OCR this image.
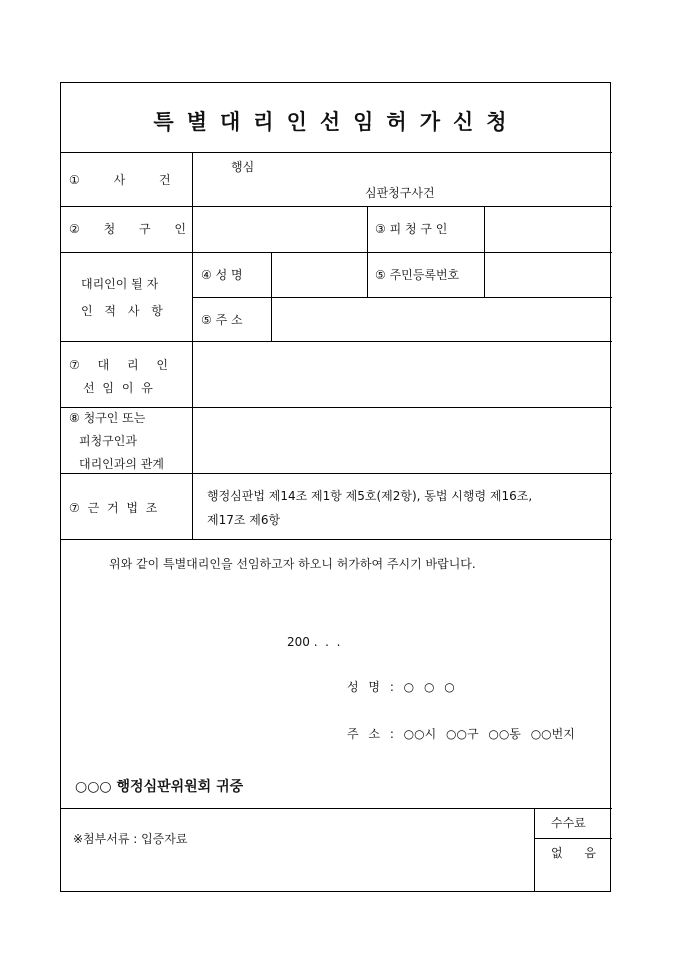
특별대리인선임허가신청
① 사 건
행심
심판청구사건
② 청 구 인	③ 피 청 구 인
대리인이 될 자
인 적 사 항
④ 성 명	⑤ 주민등록번호
⑤ 주 소
⑦ 대 리 인
선 임 이 유
⑧ 청구인 또는
피청구인과
대리인과의 관계
⑦ 근 거 법 조
행정심판법 제14조 제1항 제5호(제2항), 동법 시행령 제16조,
제17조 제6항
위와 같이 특별대리인을 선임하고자 하오니 허가하여 주시기 바랍니다.
200 .  .  .
성 명 : ○ ○ ○
주 소 : ○○시 ○○구 ○○동 ○○번지
○○○ 행정심판위원회 귀중
※첨부서류 : 입증자료
수수료
없 음
